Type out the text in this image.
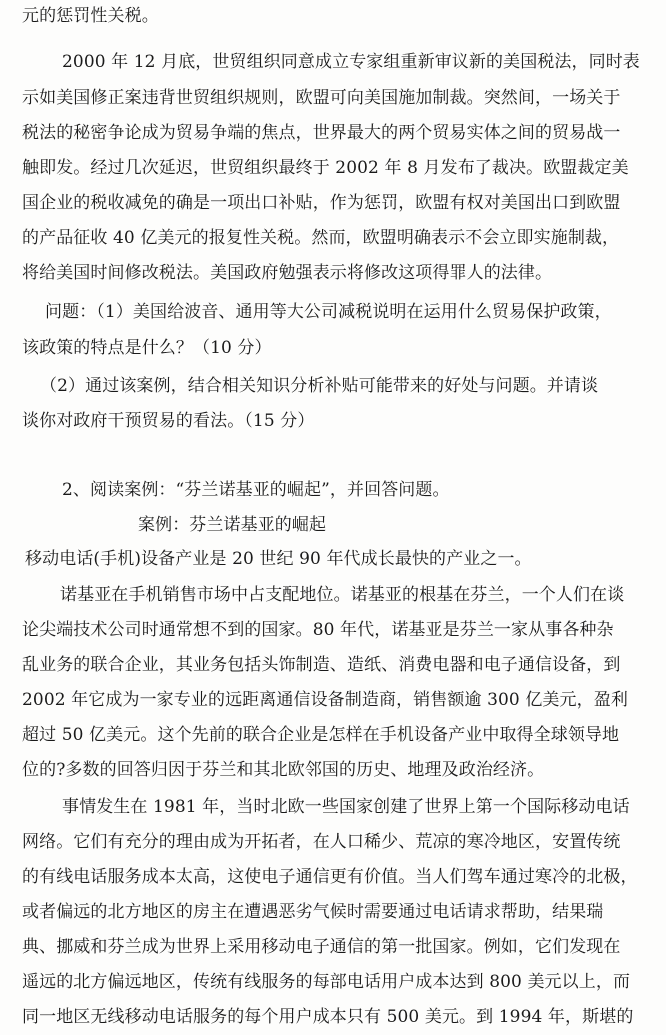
元的惩罚性关税。
2000 年 12 月底，世贸组织同意成立专家组重新审议新的美国税法，同时表
示如美国修正案违背世贸组织规则，欧盟可向美国施加制裁。突然间，一场关于
税法的秘密争论成为贸易争端的焦点，世界最大的两个贸易实体之间的贸易战一
触即发。经过几次延迟，世贸组织最终于 2002 年 8 月发布了裁决。欧盟裁定美
国企业的税收减免的确是一项出口补贴，作为惩罚，欧盟有权对美国出口到欧盟
的产品征收 40 亿美元的报复性关税。然而，欧盟明确表示不会立即实施制裁，
将给美国时间修改税法。美国政府勉强表示将修改这项得罪人的法律。
问题：（1）美国给波音、通用等大公司减税说明在运用什么贸易保护政策，
该政策的特点是什么？（10 分）
（2）通过该案例，结合相关知识分析补贴可能带来的好处与问题。并请谈
谈你对政府干预贸易的看法。（15 分）
2、阅读案例：“芬兰诺基亚的崛起”，并回答问题。
案例：芬兰诺基亚的崛起
移动电话(手机)设备产业是 20 世纪 90 年代成长最快的产业之一。
诺基亚在手机销售市场中占支配地位。诺基亚的根基在芬兰，一个人们在谈
论尖端技术公司时通常想不到的国家。80 年代，诺基亚是芬兰一家从事各种杂
乱业务的联合企业，其业务包括头饰制造、造纸、消费电器和电子通信设备，到
2002 年它成为一家专业的远距离通信设备制造商，销售额逾 300 亿美元，盈利
超过 50 亿美元。这个先前的联合企业是怎样在手机设备产业中取得全球领导地
位的?多数的回答归因于芬兰和其北欧邻国的历史、地理及政治经济。
事情发生在 1981 年，当时北欧一些国家创建了世界上第一个国际移动电话
网络。它们有充分的理由成为开拓者，在人口稀少、荒凉的寒冷地区，安置传统
的有线电话服务成本太高，这使电子通信更有价值。当人们驾车通过寒冷的北极，
或者偏远的北方地区的房主在遭遇恶劣气候时需要通过电话请求帮助，结果瑞
典、挪威和芬兰成为世界上采用移动电子通信的第一批国家。例如，它们发现在
遥远的北方偏远地区，传统有线服务的每部电话用户成本达到 800 美元以上，而
同一地区无线移动电话服务的每个用户成本只有 500 美元。到 1994 年，斯堪的
